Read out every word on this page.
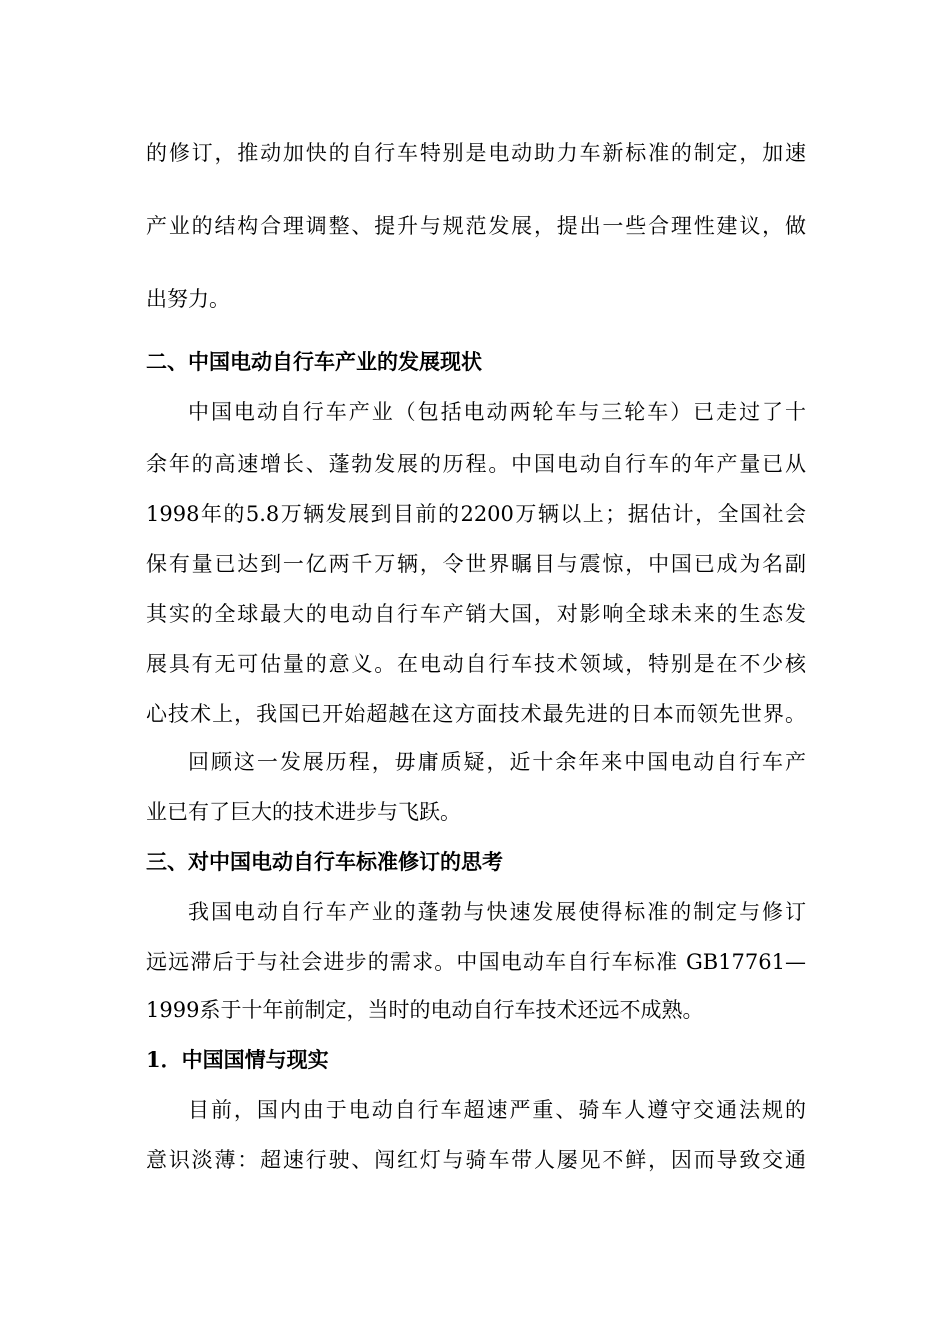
的修订，推动加快的自行车特别是电动助力车新标准的制定，加速
产业的结构合理调整、提升与规范发展，提出一些合理性建议，做
出努力。
二、中国电动自行车产业的发展现状
中国电动自行车产业（包括电动两轮车与三轮车）已走过了十
余年的高速增长、蓬勃发展的历程。中国电动自行车的年产量已从
1998年的5.8万辆发展到目前的2200万辆以上；据估计，全国社会
保有量已达到一亿两千万辆，令世界瞩目与震惊，中国已成为名副
其实的全球最大的电动自行车产销大国，对影响全球未来的生态发
展具有无可估量的意义。在电动自行车技术领域，特别是在不少核
心技术上，我国已开始超越在这方面技术最先进的日本而领先世界。
回顾这一发展历程，毋庸质疑，近十余年来中国电动自行车产
业已有了巨大的技术进步与飞跃。
三、对中国电动自行车标准修订的思考
我国电动自行车产业的蓬勃与快速发展使得标准的制定与修订
远远滞后于与社会进步的需求。中国电动车自行车标准 GB17761—
1999系于十年前制定，当时的电动自行车技术还远不成熟。
1．中国国情与现实
目前，国内由于电动自行车超速严重、骑车人遵守交通法规的
意识淡薄：超速行驶、闯红灯与骑车带人屡见不鲜，因而导致交通
